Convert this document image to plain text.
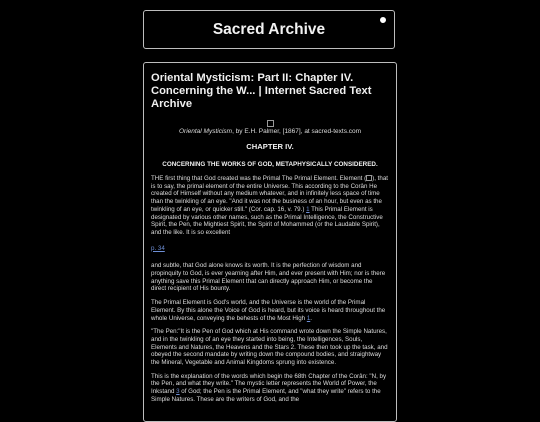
Sacred Archive
Oriental Mysticism: Part II: Chapter IV. Concerning the W... | Internet Sacred Text Archive
Oriental Mysticism, by E.H. Palmer, [1867], at sacred-texts.com
CHAPTER IV.
CONCERNING THE WORKS OF GOD, METAPHYSICALLY CONSIDERED.

THE first thing that God created was the Primal The Primal Element. Element ( ), that is to say, the primal element of the entire Universe. This according to the Corân He created of Himself without any medium whatever, and in infinitely less space of time than the twinkling of an eye. "And it was not the business of an hour, but even as the twinkling of an eye, or quicker still." (Cor. cap. 16, v. 79.) 1 This Primal Element is designated by various other names, such as the Primal Intelligence, the Constructive Spirit, the Pen, the Mightiest Spirit, the Spirit of Mohammed (or the Laudable Spirit), and the like. It is so excellent

p. 34

and subtle, that God alone knows its worth. It is the perfection of wisdom and propinquity to God, is ever yearning after Him, and ever present with Him; nor is there anything save this Primal Element that can directly approach Him, or become the direct recipient of His bounty.

The Primal Element is God's world, and the Universe is the world of the Primal Element. By this alone the Voice of God is heard, but its voice is heard throughout the whole Universe, conveying the behests of the Most High 1.

"The Pen:"It is the Pen of God which at His command wrote down the Simple Natures, and in the twinkling of an eye they started into being, the Intelligences, Souls, Elements and Natures, the Heavens and the Stars 2. These then took up the task, and obeyed the second mandate by writing down the compound bodies, and straightway the Mineral, Vegetable and Animal Kingdoms sprung into existence.

This is the explanation of the words which begin the 68th Chapter of the Corân: "N, by the Pen, and what they write." The mystic letter represents the World of Power, the Inkstand 3 of God; the Pen is the Primal Element, and "what they write" refers to the Simple Natures. These are the writers of God, and the
